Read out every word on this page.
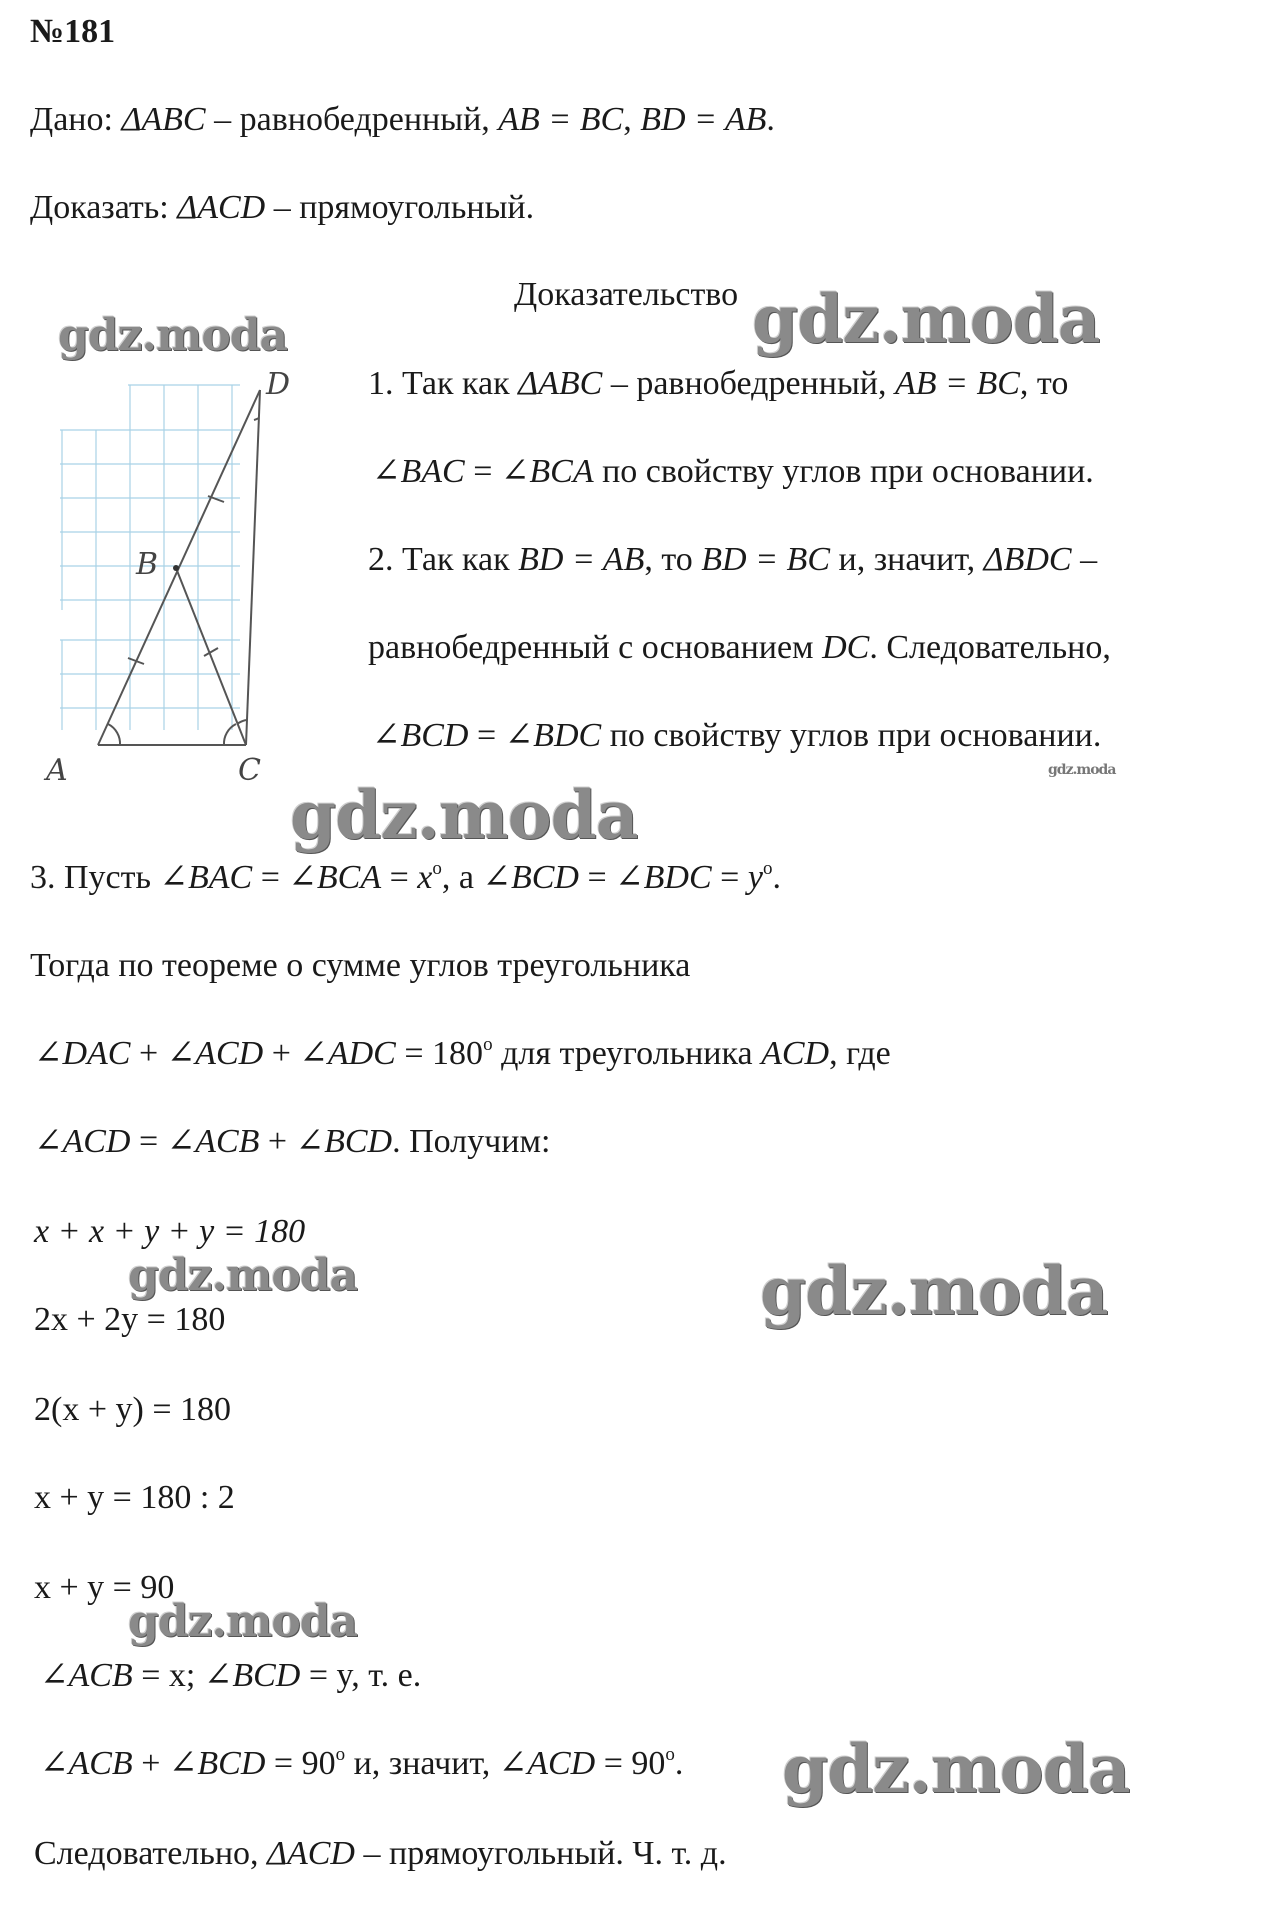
№181
Дано: ΔABC – равнобедренный, AB = BC, BD = AB.
Доказать: ΔACD – прямоугольный.
Доказательство
D
B
A	C
1. Так как ΔABC – равнобедренный, AB = BC, то
∠BAC = ∠BCA по свойству углов при основании.
2. Так как BD = AB, то BD = BC и, значит, ΔBDC –
равнобедренный с основанием DC. Следовательно,
∠BCD = ∠BDC по свойству углов при основании.
3. Пусть ∠BAC = ∠BCA = $x^o$, а ∠BCD = ∠BDC = $y^o$.
Тогда по теореме о сумме углов треугольника
∠DAC + ∠ACD + ∠ADC = $180^o$ для треугольника ACD, где
∠ACD = ∠ACB + ∠BCD. Получим:
x + x + y + y = 180
2x + 2y = 180
2(x + y) = 180
x + y = 180 : 2
x + y = 90
∠ACB = x; ∠BCD = y, т. е.
∠ACB + ∠BCD = $90^o$ и, значит, ∠ACD = $90^o$.
Следовательно, ΔACD – прямоугольный. Ч. т. д.
gdz.moda	gdz.moda
gdz.moda
gdz.moda
gdz.moda	gdz.moda
gdz.moda
gdz.moda
